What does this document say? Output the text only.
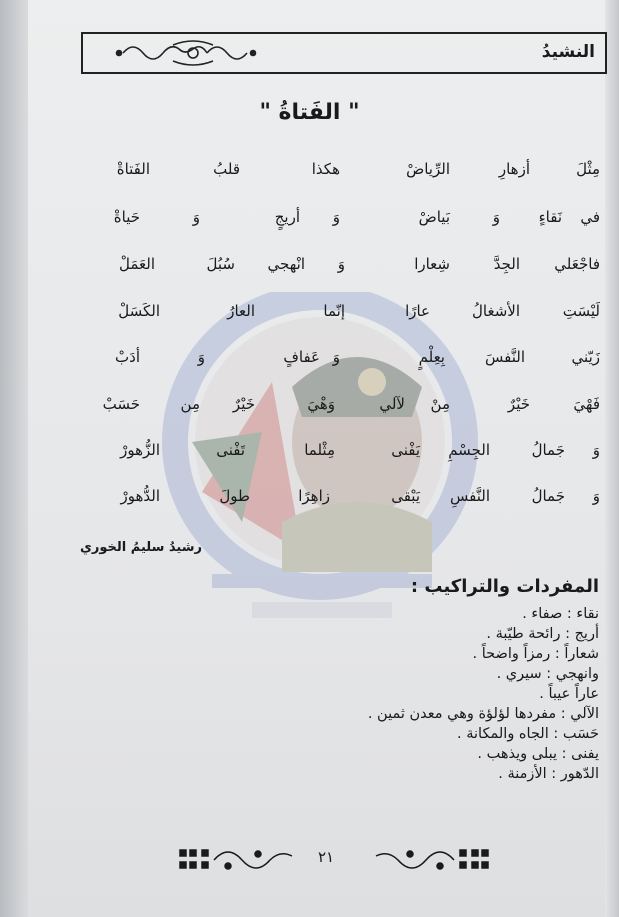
النشيدُ
" الفَتاةُ "
مِثْلَ
أزهارِ
الرِّياضْ
هكذا
قلبُ
الفَتاةْ
في
نَقاءٍ
وَ
بَياضْ
وَ
أريجٍ
وَ
حَياةْ
فاجْعَلي
الجِدَّ
شِعارا
وَ
انْهجي
سُبُلَ
العَمَلْ
لَيْسَتِ
الأشغالُ
عارًا
إنّما
العارُ
الكَسَلْ
زَيّني
النَّفسَ
بِعِلْمٍ
وَ
عَفافٍ
وَ
أدَبْ
فَهْيَ
خَيْرٌ
مِنْ
لآلي
وَهْيَ
خَيْرٌ
مِن
حَسَبْ
وَ
جَمالُ
الجِسْمِ
يَفْنى
مِثْلما
تَفْنى
الزُّهورْ
وَ
جَمالُ
النَّفسِ
يَبْقى
زاهِرًا
طولَ
الدُّهورْ
رشيدُ سليمُ الخوري
المفردات والتراكيب :
نقاء : صفاء .
أريج : رائحة طيّبة .
شعاراً : رمزاً واضحاً .
وانهجي : سيري .
عاراً عيباً .
الآلي : مفردها لؤلؤة وهي معدن ثمين .
حَسَب : الجاه والمكانة .
يفنى : يبلى ويذهب .
الدّهور : الأزمنة .
٢١
